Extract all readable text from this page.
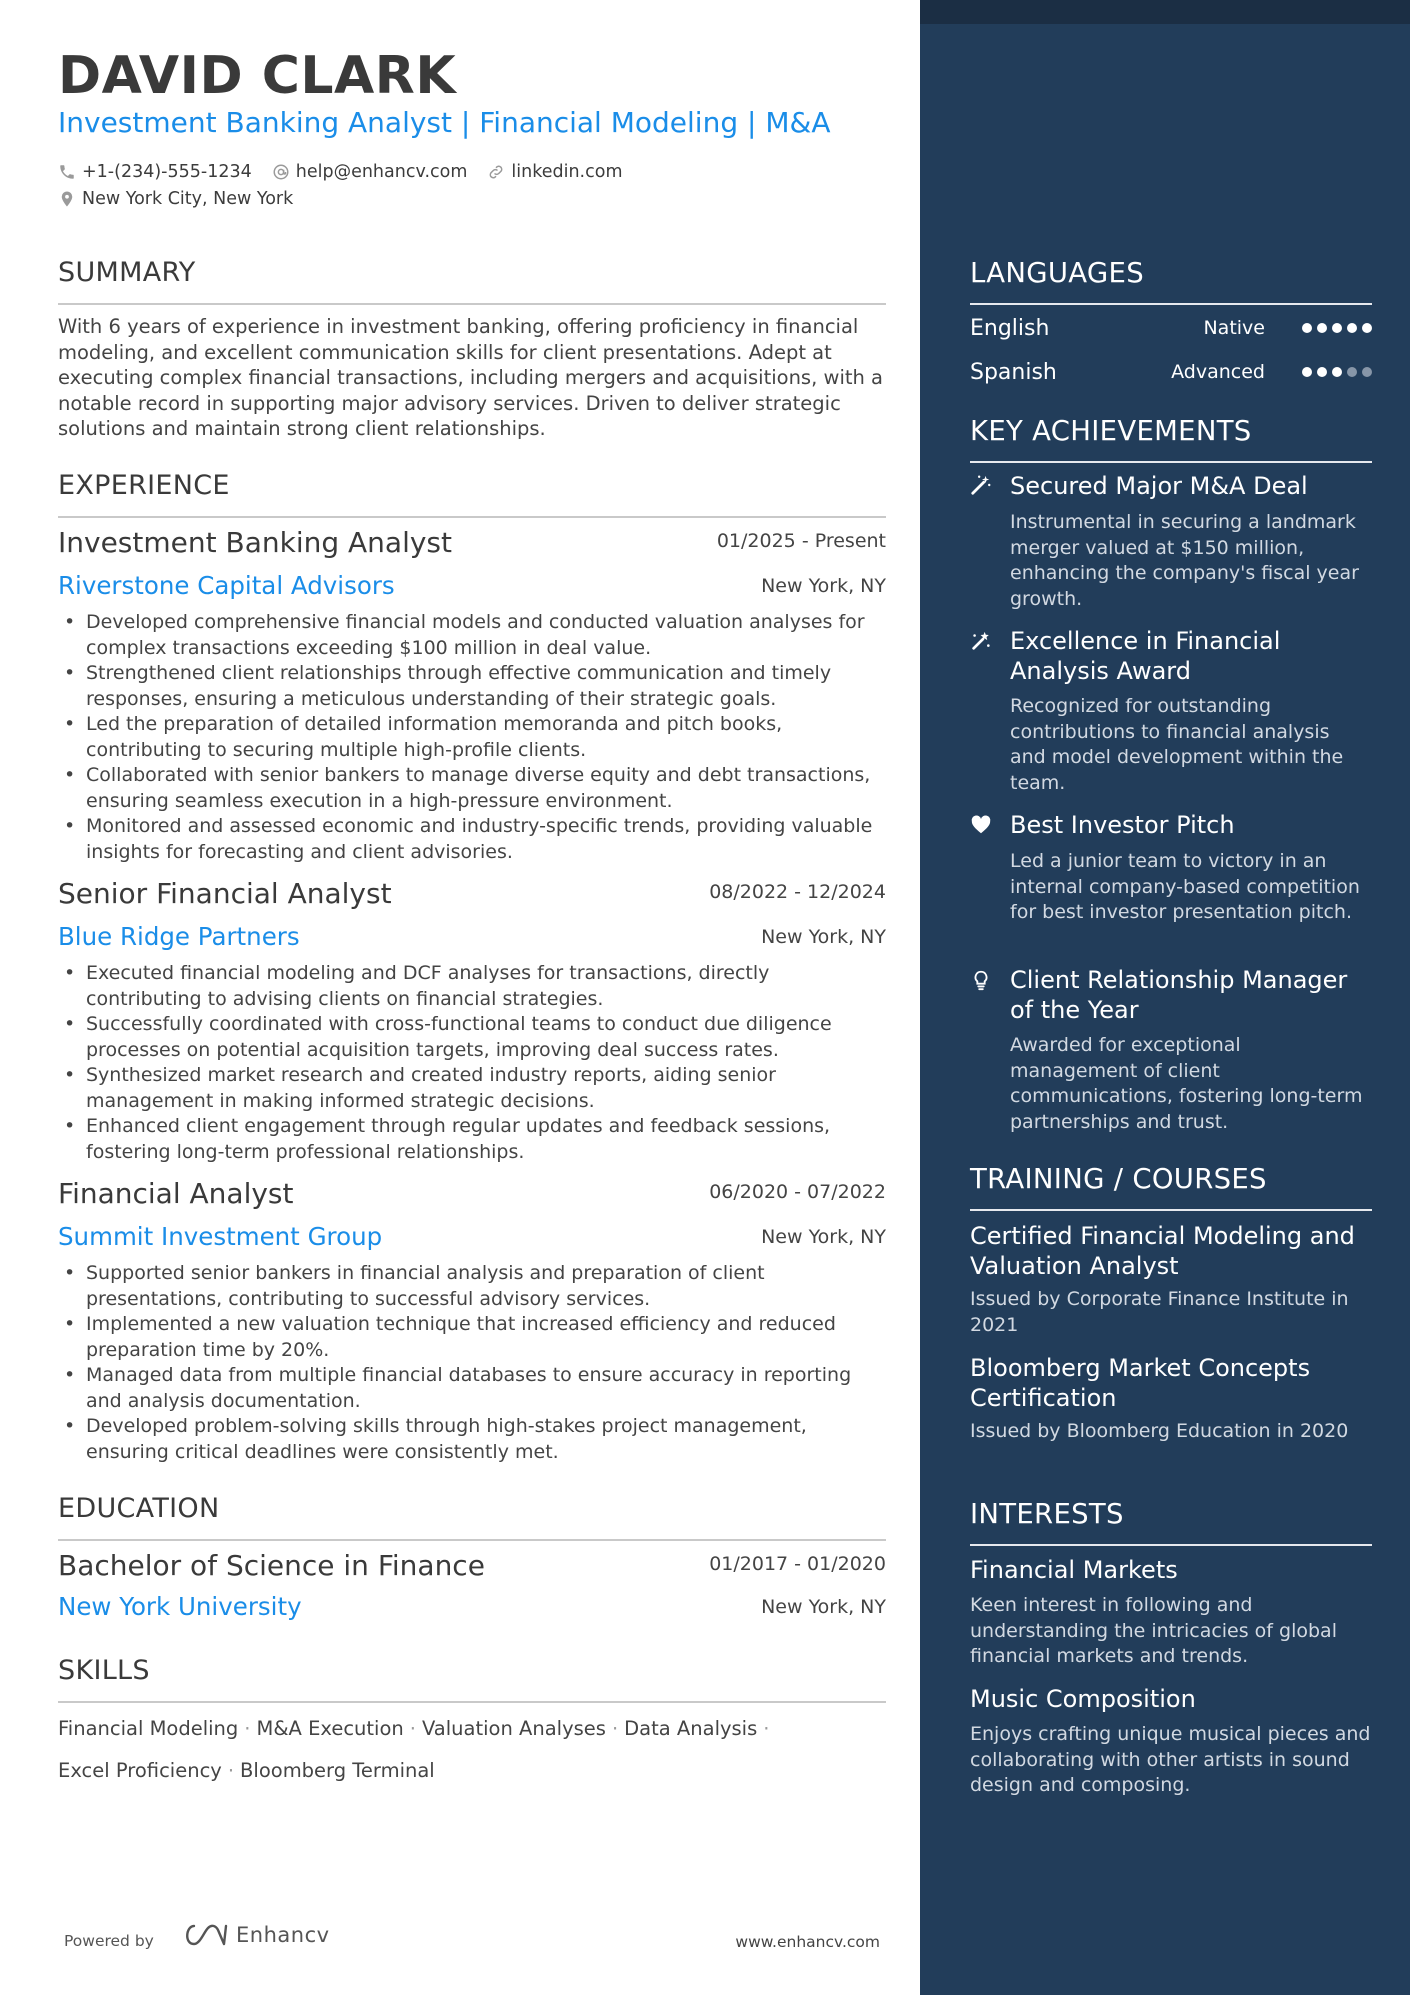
DAVID CLARK
Investment Banking Analyst | Financial Modeling | M&A
+1-(234)-555-1234	help@enhancv.com	linkedin.com
New York City, New York
SUMMARY
With 6 years of experience in investment banking, offering proficiency in financial modeling, and excellent communication skills for client presentations. Adept at executing complex financial transactions, including mergers and acquisitions, with a notable record in supporting major advisory services. Driven to deliver strategic solutions and maintain strong client relationships.
EXPERIENCE
Investment Banking Analyst	01/2025 - Present
Riverstone Capital Advisors	New York, NY
• Developed comprehensive financial models and conducted valuation analyses for complex transactions exceeding $100 million in deal value.
• Strengthened client relationships through effective communication and timely responses, ensuring a meticulous understanding of their strategic goals.
• Led the preparation of detailed information memoranda and pitch books, contributing to securing multiple high-profile clients.
• Collaborated with senior bankers to manage diverse equity and debt transactions, ensuring seamless execution in a high-pressure environment.
• Monitored and assessed economic and industry-specific trends, providing valuable insights for forecasting and client advisories.
Senior Financial Analyst	08/2022 - 12/2024
Blue Ridge Partners	New York, NY
• Executed financial modeling and DCF analyses for transactions, directly contributing to advising clients on financial strategies.
• Successfully coordinated with cross-functional teams to conduct due diligence processes on potential acquisition targets, improving deal success rates.
• Synthesized market research and created industry reports, aiding senior management in making informed strategic decisions.
• Enhanced client engagement through regular updates and feedback sessions, fostering long-term professional relationships.
Financial Analyst	06/2020 - 07/2022
Summit Investment Group	New York, NY
• Supported senior bankers in financial analysis and preparation of client presentations, contributing to successful advisory services.
• Implemented a new valuation technique that increased efficiency and reduced preparation time by 20%.
• Managed data from multiple financial databases to ensure accuracy in reporting and analysis documentation.
• Developed problem-solving skills through high-stakes project management, ensuring critical deadlines were consistently met.
EDUCATION
Bachelor of Science in Finance	01/2017 - 01/2020
New York University	New York, NY
SKILLS
Financial Modeling · M&A Execution · Valuation Analyses · Data Analysis ·
Excel Proficiency · Bloomberg Terminal
Powered by	Enhancv	www.enhancv.com
LANGUAGES
English	Native
Spanish	Advanced
KEY ACHIEVEMENTS
Secured Major M&A Deal
Instrumental in securing a landmark merger valued at $150 million, enhancing the company's fiscal year growth.
Excellence in Financial Analysis Award
Recognized for outstanding contributions to financial analysis and model development within the team.
Best Investor Pitch
Led a junior team to victory in an internal company-based competition for best investor presentation pitch.
Client Relationship Manager of the Year
Awarded for exceptional management of client communications, fostering long-term partnerships and trust.
TRAINING / COURSES
Certified Financial Modeling and Valuation Analyst
Issued by Corporate Finance Institute in 2021
Bloomberg Market Concepts Certification
Issued by Bloomberg Education in 2020
INTERESTS
Financial Markets
Keen interest in following and understanding the intricacies of global financial markets and trends.
Music Composition
Enjoys crafting unique musical pieces and collaborating with other artists in sound design and composing.
